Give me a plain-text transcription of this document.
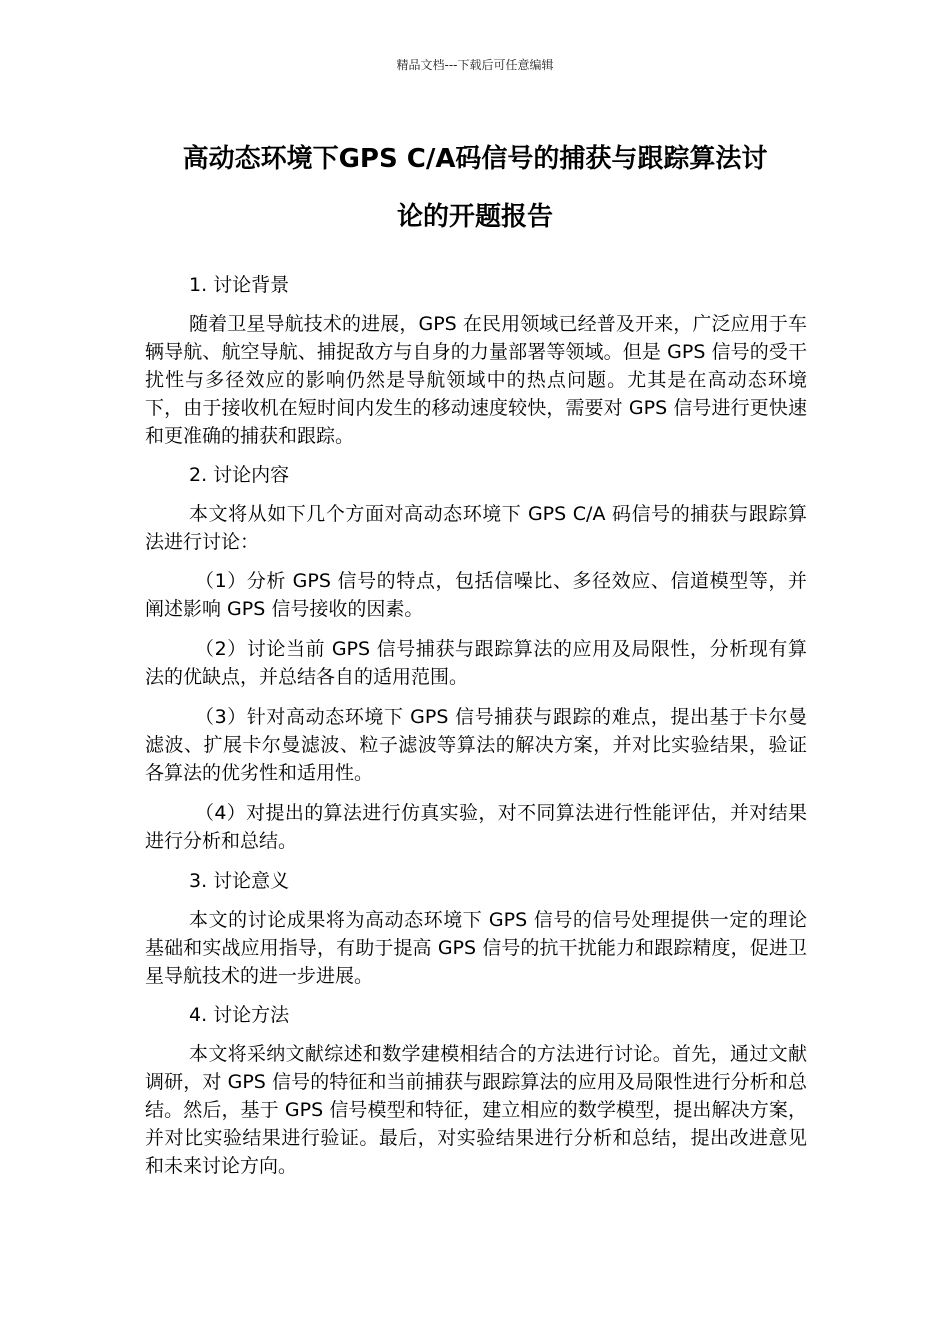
精品文档---下载后可任意编辑
高动态环境下GPS C/A码信号的捕获与跟踪算法讨
论的开题报告

1. 讨论背景

随着卫星导航技术的进展，GPS 在民用领域已经普及开来，广泛应用于车辆导航、航空导航、捕捉敌方与自身的力量部署等领域。但是 GPS 信号的受干扰性与多径效应的影响仍然是导航领域中的热点问题。尤其是在高动态环境下，由于接收机在短时间内发生的移动速度较快，需要对 GPS 信号进行更快速和更准确的捕获和跟踪。

2. 讨论内容

本文将从如下几个方面对高动态环境下 GPS C/A 码信号的捕获与跟踪算法进行讨论：

（1）分析 GPS 信号的特点，包括信噪比、多径效应、信道模型等，并阐述影响 GPS 信号接收的因素。

（2）讨论当前 GPS 信号捕获与跟踪算法的应用及局限性，分析现有算法的优缺点，并总结各自的适用范围。

（3）针对高动态环境下 GPS 信号捕获与跟踪的难点，提出基于卡尔曼滤波、扩展卡尔曼滤波、粒子滤波等算法的解决方案，并对比实验结果，验证各算法的优劣性和适用性。

（4）对提出的算法进行仿真实验，对不同算法进行性能评估，并对结果进行分析和总结。

3. 讨论意义

本文的讨论成果将为高动态环境下 GPS 信号的信号处理提供一定的理论基础和实战应用指导，有助于提高 GPS 信号的抗干扰能力和跟踪精度，促进卫星导航技术的进一步进展。

4. 讨论方法

本文将采纳文献综述和数学建模相结合的方法进行讨论。首先，通过文献调研，对 GPS 信号的特征和当前捕获与跟踪算法的应用及局限性进行分析和总结。然后，基于 GPS 信号模型和特征，建立相应的数学模型，提出解决方案，并对比实验结果进行验证。最后，对实验结果进行分析和总结，提出改进意见和未来讨论方向。
